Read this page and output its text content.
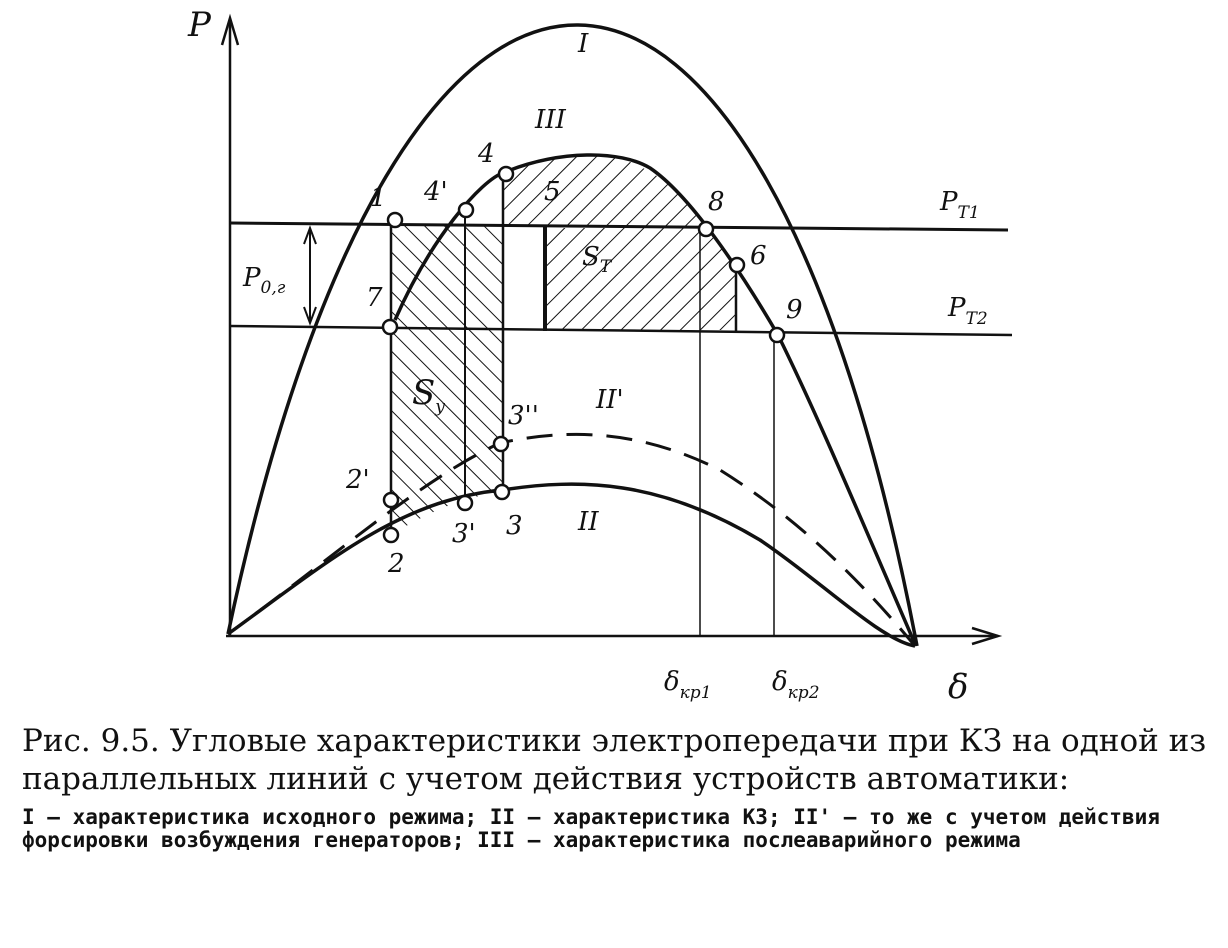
P
δ
I
III
II
II'
$P_{T1}$
$P_{T2}$
$P_{0,г}$
$S_y$
$S_T$
1
2
2'
3
3'
3''
4
4'	5
6
7
8
9
$\delta_{кр1}$ $\delta_{кр2}$

Рис. 9.5. Угловые характеристики электропередачи при КЗ на одной из параллельных линий с учетом действия устройств автоматики:

I — характеристика исходного режима; II — характеристика КЗ; II' — то же с учетом действия форсировки возбуждения генераторов; III — характеристика послеаварийного режима
